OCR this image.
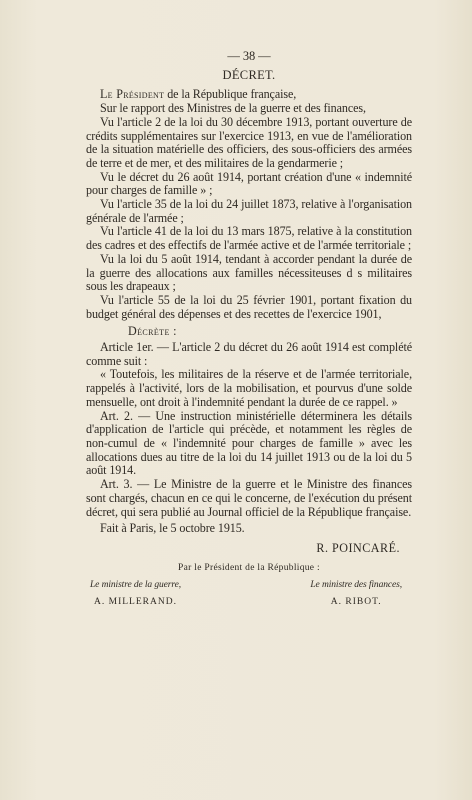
— 38 —
DÉCRET.

Le Président de la République française,

Sur le rapport des Ministres de la guerre et des finances,

Vu l'article 2 de la loi du 30 décembre 1913, portant ouverture de crédits supplémentaires sur l'exercice 1913, en vue de l'amélioration de la situation matérielle des officiers, des sous-officiers des armées de terre et de mer, et des militaires de la gendarmerie ;

Vu le décret du 26 août 1914, portant création d'une « indemnité pour charges de famille » ;

Vu l'article 35 de la loi du 24 juillet 1873, relative à l'organisation générale de l'armée ;

Vu l'article 41 de la loi du 13 mars 1875, relative à la constitution des cadres et des effectifs de l'armée active et de l'armée territoriale ;

Vu la loi du 5 août 1914, tendant à accorder pendant la durée de la guerre des allocations aux familles nécessiteuses d s militaires sous les drapeaux ;

Vu l'article 55 de la loi du 25 février 1901, portant fixation du budget général des dépenses et des recettes de l'exercice 1901,

Décrète :

Article 1er. — L'article 2 du décret du 26 août 1914 est complété comme suit :

« Toutefois, les militaires de la réserve et de l'armée territoriale, rappelés à l'activité, lors de la mobilisation, et pourvus d'une solde mensuelle, ont droit à l'indemnité pendant la durée de ce rappel. »

Art. 2. — Une instruction ministérielle déterminera les détails d'application de l'article qui précède, et notamment les règles de non-cumul de « l'indemnité pour charges de famille » avec les allocations dues au titre de la loi du 14 juillet 1913 ou de la loi du 5 août 1914.

Art. 3. — Le Ministre de la guerre et le Ministre des finances sont chargés, chacun en ce qui le concerne, de l'exécution du présent décret, qui sera publié au Journal officiel de la République française.

Fait à Paris, le 5 octobre 1915.

R. POINCARÉ.
Par le Président de la République :
Le ministre de la guerre,
A. MILLERAND.
Le ministre des finances,
A. RIBOT.
